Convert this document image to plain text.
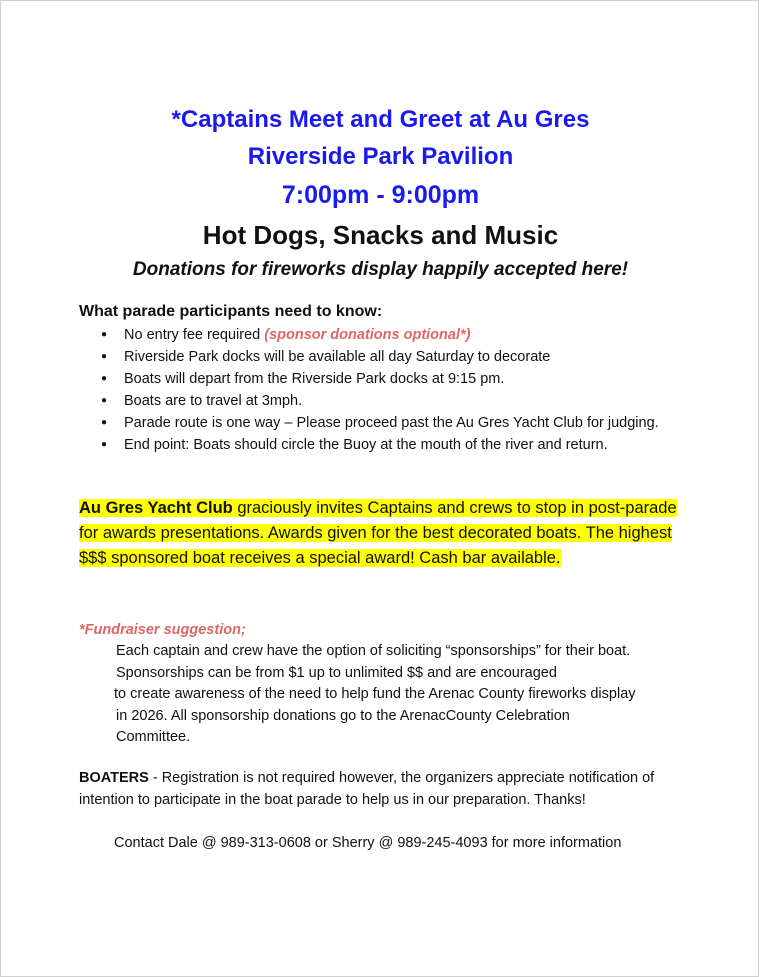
*Captains Meet and Greet at Au Gres

Riverside Park Pavilion

7:00pm - 9:00pm

Hot Dogs, Snacks and Music

Donations for fireworks display happily accepted here!

What parade participants need to know:

● No entry fee required (sponsor donations optional*)
● Riverside Park docks will be available all day Saturday to decorate
● Boats will depart from the Riverside Park docks at 9:15 pm.
● Boats are to travel at 3mph.
● Parade route is one way – Please proceed past the Au Gres Yacht Club for judging.
● End point: Boats should circle the Buoy at the mouth of the river and return.

Au Gres Yacht Club graciously invites Captains and crews to stop in post-parade for awards presentations. Awards given for the best decorated boats. The highest $$$ sponsored boat receives a special award! Cash bar available.

*Fundraiser suggestion;

Each captain and crew have the option of soliciting “sponsorships” for their boat.
Sponsorships can be from $1 up to unlimited $$ and are encouraged
to create awareness of the need to help fund the Arenac County fireworks display
in 2026. All sponsorship donations go to the ArenacCounty Celebration
Committee.

BOATERS - Registration is not required however, the organizers appreciate notification of intention to participate in the boat parade to help us in our preparation. Thanks!

Contact Dale @ 989-313-0608 or Sherry @ 989-245-4093 for more information
